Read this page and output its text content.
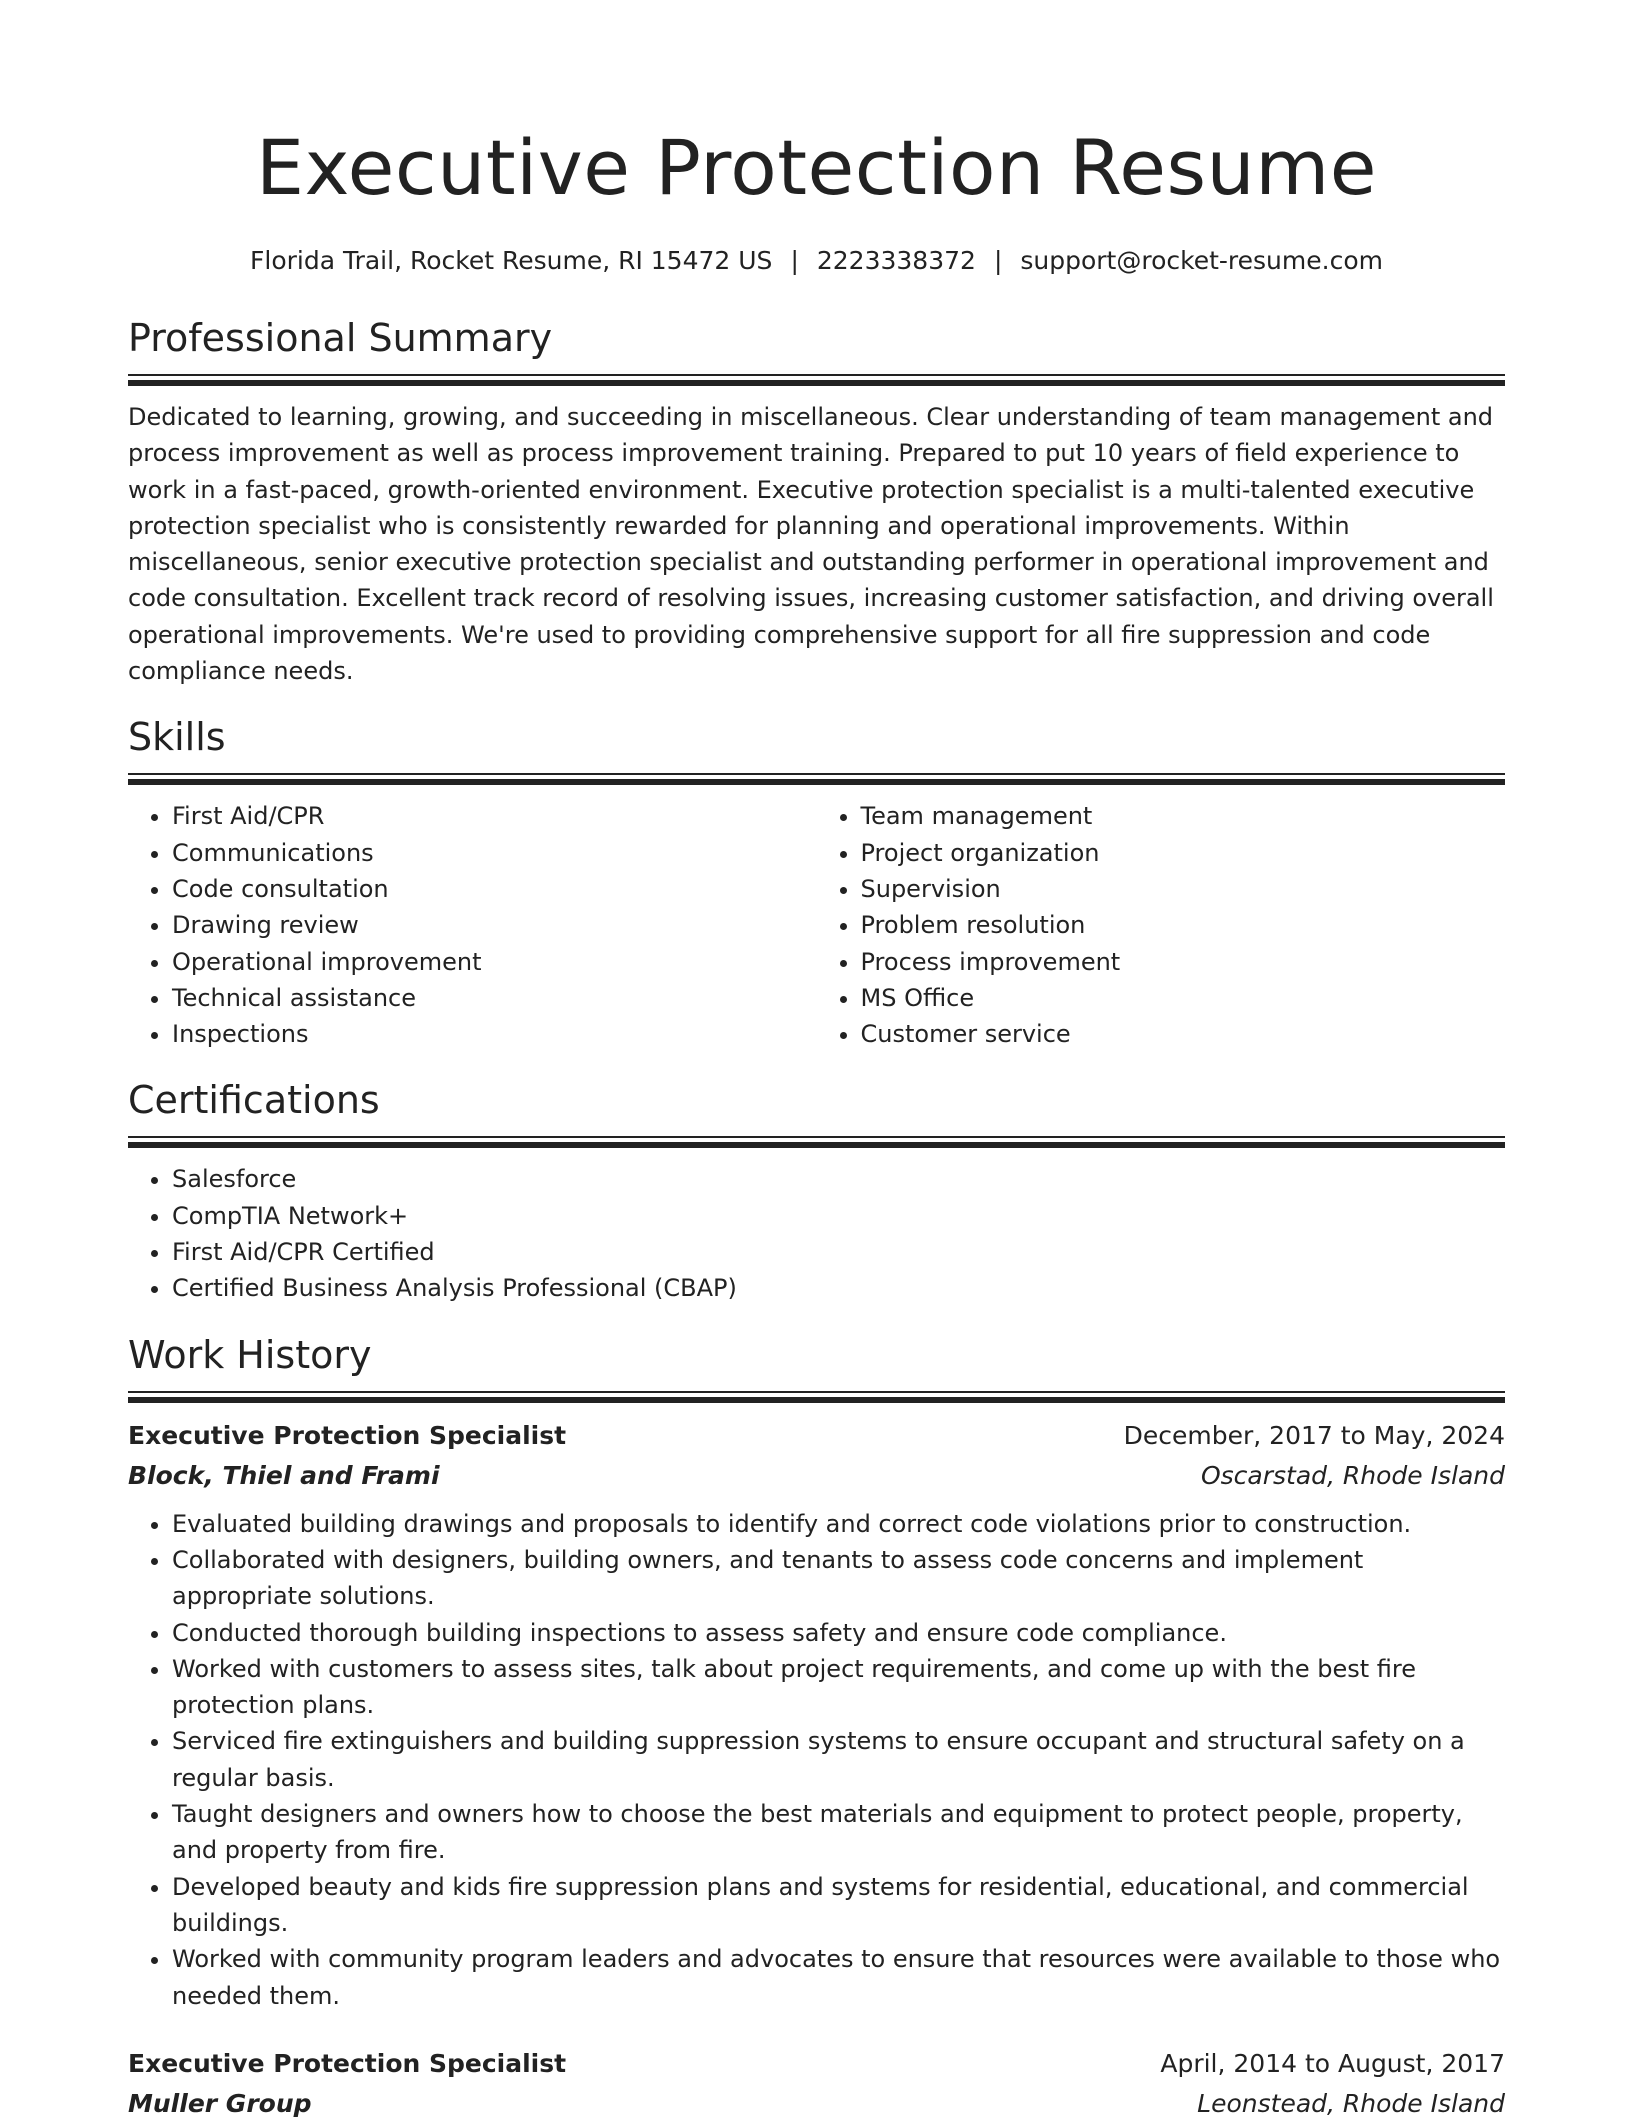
Executive Protection Resume
Florida Trail, Rocket Resume, RI 15472 US | 2223338372 | support@rocket-resume.com
Professional Summary

Dedicated to learning, growing, and succeeding in miscellaneous. Clear understanding of team management and process improvement as well as process improvement training. Prepared to put 10 years of field experience to work in a fast-paced, growth-oriented environment. Executive protection specialist is a multi-talented executive protection specialist who is consistently rewarded for planning and operational improvements. Within miscellaneous, senior executive protection specialist and outstanding performer in operational improvement and code consultation. Excellent track record of resolving issues, increasing customer satisfaction, and driving overall operational improvements. We're used to providing comprehensive support for all fire suppression and code compliance needs.

Skills
• First Aid/CPR
• Communications
• Code consultation
• Drawing review
• Operational improvement
• Technical assistance
• Inspections
• Team management
• Project organization
• Supervision
• Problem resolution
• Process improvement
• MS Office
• Customer service
Certifications
• Salesforce
• CompTIA Network+
• First Aid/CPR Certified
• Certified Business Analysis Professional (CBAP)
Work History
Executive Protection Specialist	December, 2017 to May, 2024
Block, Thiel and Frami	Oscarstad, Rhode Island
• Evaluated building drawings and proposals to identify and correct code violations prior to construction.
• Collaborated with designers, building owners, and tenants to assess code concerns and implement appropriate solutions.
• Conducted thorough building inspections to assess safety and ensure code compliance.
• Worked with customers to assess sites, talk about project requirements, and come up with the best fire protection plans.
• Serviced fire extinguishers and building suppression systems to ensure occupant and structural safety on a regular basis.
• Taught designers and owners how to choose the best materials and equipment to protect people, property, and property from fire.
• Developed beauty and kids fire suppression plans and systems for residential, educational, and commercial buildings.
• Worked with community program leaders and advocates to ensure that resources were available to those who needed them.
Executive Protection Specialist	April, 2014 to August, 2017
Muller Group	Leonstead, Rhode Island
